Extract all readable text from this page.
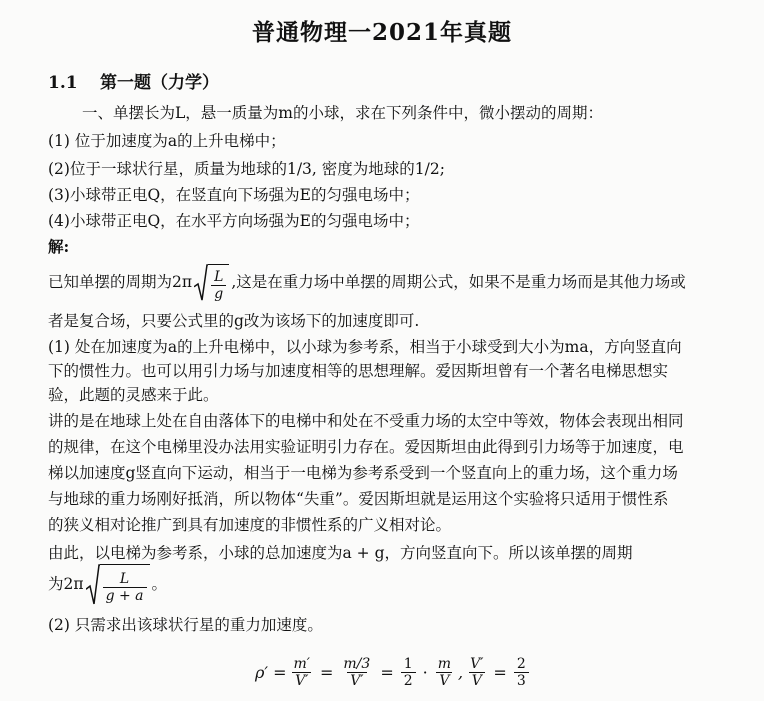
普通物理一2021年真题
1.1 第一题（力学）
一、单摆长为L，悬一质量为m的小球，求在下列条件中，微小摆动的周期：
(1) 位于加速度为a的上升电梯中；
(2)位于一球状行星，质量为地球的1/3, 密度为地球的1/2;
(3)小球带正电Q，在竖直向下场强为E的匀强电场中；
(4)小球带正电Q，在水平方向场强为E的匀强电场中；
解:
已知单摆的周期为$2\pi \frac{L}{g}$ ,这是在重力场中单摆的周期公式，如果不是重力场而是其他力场或
者是复合场，只要公式里的g改为该场下的加速度即可.
(1) 处在加速度为a的上升电梯中，以小球为参考系，相当于小球受到大小为ma，方向竖直向
下的惯性力。也可以用引力场与加速度相等的思想理解。爱因斯坦曾有一个著名电梯思想实
验，此题的灵感来于此。
讲的是在地球上处在自由落体下的电梯中和处在不受重力场的太空中等效，物体会表现出相同
的规律，在这个电梯里没办法用实验证明引力存在。爱因斯坦由此得到引力场等于加速度，电
梯以加速度g竖直向下运动，相当于一电梯为参考系受到一个竖直向上的重力场，这个重力场
与地球的重力场刚好抵消，所以物体“失重”。爱因斯坦就是运用这个实验将只适用于惯性系
的狭义相对论推广到具有加速度的非惯性系的广义相对论。
由此，以电梯为参考系，小球的总加速度为a + g，方向竖直向下。所以该单摆的周期
为$2\pi \frac{L}{g + a}$ 。
(2) 只需求出该球状行星的重力加速度。
$\rho' = \frac{m'}{V'} = \frac{m/3}{V'} = \frac{1}{2} \cdot \frac{m}{V}$ , $\frac{V'}{V} = \frac{2}{3}$
